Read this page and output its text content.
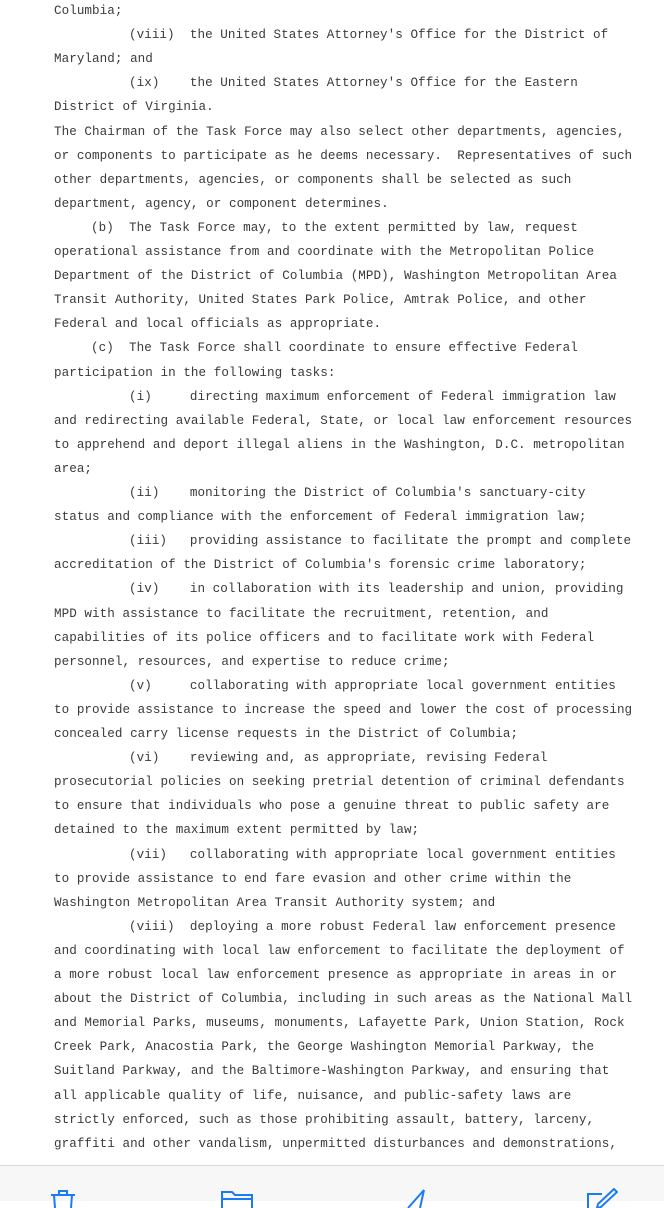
Columbia;
(viii)  the United States Attorney's Office for the District of
Maryland; and
(ix)    the United States Attorney's Office for the Eastern
District of Virginia.
The Chairman of the Task Force may also select other departments, agencies,
or components to participate as he deems necessary.  Representatives of such
other departments, agencies, or components shall be selected as such
department, agency, or component determines.
(b)  The Task Force may, to the extent permitted by law, request
operational assistance from and coordinate with the Metropolitan Police
Department of the District of Columbia (MPD), Washington Metropolitan Area
Transit Authority, United States Park Police, Amtrak Police, and other
Federal and local officials as appropriate.
(c)  The Task Force shall coordinate to ensure effective Federal
participation in the following tasks:
(i)     directing maximum enforcement of Federal immigration law
and redirecting available Federal, State, or local law enforcement resources
to apprehend and deport illegal aliens in the Washington, D.C. metropolitan
area;
(ii)    monitoring the District of Columbia's sanctuary-city
status and compliance with the enforcement of Federal immigration law;
(iii)   providing assistance to facilitate the prompt and complete
accreditation of the District of Columbia's forensic crime laboratory;
(iv)    in collaboration with its leadership and union, providing
MPD with assistance to facilitate the recruitment, retention, and
capabilities of its police officers and to facilitate work with Federal
personnel, resources, and expertise to reduce crime;
(v)     collaborating with appropriate local government entities
to provide assistance to increase the speed and lower the cost of processing
concealed carry license requests in the District of Columbia;
(vi)    reviewing and, as appropriate, revising Federal
prosecutorial policies on seeking pretrial detention of criminal defendants
to ensure that individuals who pose a genuine threat to public safety are
detained to the maximum extent permitted by law;
(vii)   collaborating with appropriate local government entities
to provide assistance to end fare evasion and other crime within the
Washington Metropolitan Area Transit Authority system; and
(viii)  deploying a more robust Federal law enforcement presence
and coordinating with local law enforcement to facilitate the deployment of
a more robust local law enforcement presence as appropriate in areas in or
about the District of Columbia, including in such areas as the National Mall
and Memorial Parks, museums, monuments, Lafayette Park, Union Station, Rock
Creek Park, Anacostia Park, the George Washington Memorial Parkway, the
Suitland Parkway, and the Baltimore-Washington Parkway, and ensuring that
all applicable quality of life, nuisance, and public-safety laws are
strictly enforced, such as those prohibiting assault, battery, larceny,
graffiti and other vandalism, unpermitted disturbances and demonstrations,
